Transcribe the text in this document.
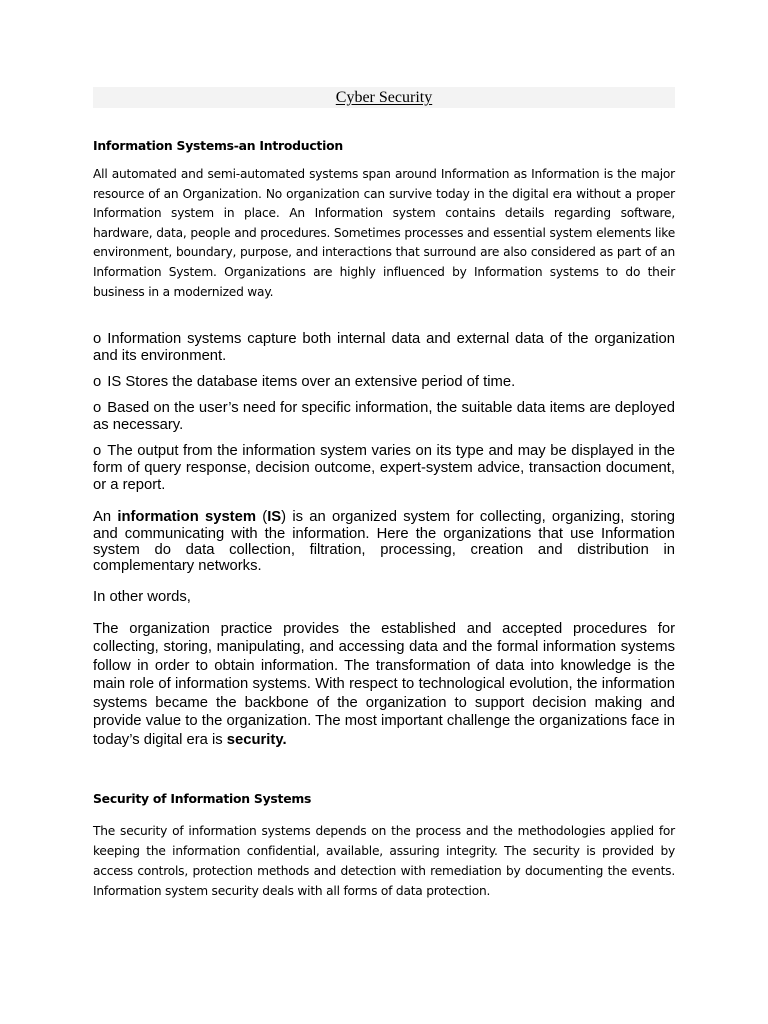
Cyber Security
Information Systems-an Introduction

All automated and semi-automated systems span around Information as Information is the major resource of an Organization. No organization can survive today in the digital era without a proper Information system in place. An Information system contains details regarding software, hardware, data, people and procedures. Sometimes processes and essential system elements like environment, boundary, purpose, and interactions that surround are also considered as part of an Information System. Organizations are highly influenced by Information systems to do their business in a modernized way.

o Information systems capture both internal data and external data of the organization and its environment.

o IS Stores the database items over an extensive period of time.

o Based on the user’s need for specific information, the suitable data items are deployed as necessary.

o The output from the information system varies on its type and may be displayed in the form of query response, decision outcome, expert-system advice, transaction document, or a report.

An information system (IS) is an organized system for collecting, organizing, storing and communicating with the information. Here the organizations that use Information system do data collection, filtration, processing, creation and distribution in complementary networks.

In other words,

The organization practice provides the established and accepted procedures for collecting, storing, manipulating, and accessing data and the formal information systems follow in order to obtain information. The transformation of data into knowledge is the main role of information systems. With respect to technological evolution, the information systems became the backbone of the organization to support decision making and provide value to the organization. The most important challenge the organizations face in today’s digital era is security.

Security of Information Systems

The security of information systems depends on the process and the methodologies applied for keeping the information confidential, available, assuring integrity. The security is provided by access controls, protection methods and detection with remediation by documenting the events. Information system security deals with all forms of data protection.
